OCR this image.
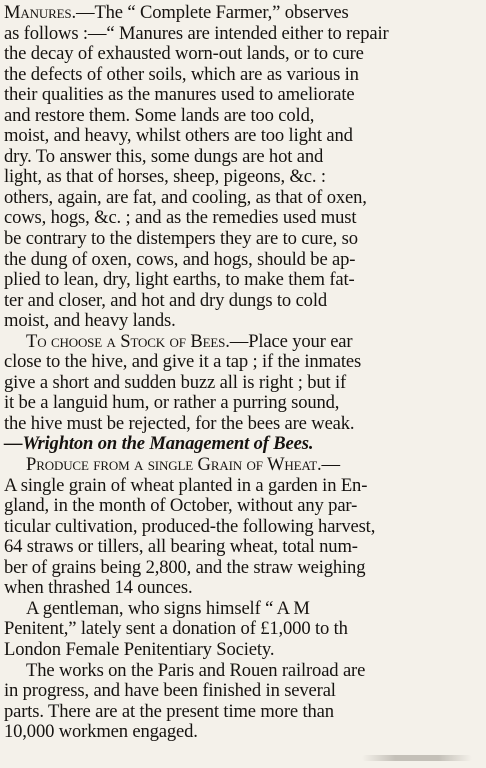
Manures.—The “ Complete Farmer,” observes
as follows :—“ Manures are intended either to repair
the decay of exhausted worn-out lands, or to cure
the defects of other soils, which are as various in
their qualities as the manures used to ameliorate
and restore them. Some lands are too cold,
moist, and heavy, whilst others are too light and
dry. To answer this, some dungs are hot and
light, as that of horses, sheep, pigeons, &c. :
others, again, are fat, and cooling, as that of oxen,
cows, hogs, &c. ; and as the remedies used must
be contrary to the distempers they are to cure, so
the dung of oxen, cows, and hogs, should be ap-
plied to lean, dry, light earths, to make them fat-
ter and closer, and hot and dry dungs to cold
moist, and heavy lands.
To choose a Stock of Bees.—Place your ear
close to the hive, and give it a tap ; if the inmates
give a short and sudden buzz all is right ; but if
it be a languid hum, or rather a purring sound,
the hive must be rejected, for the bees are weak.
—Wrighton on the Management of Bees.
Produce from a single Grain of Wheat.—
A single grain of wheat planted in a garden in En-
gland, in the month of October, without any par-
ticular cultivation, produced-the following harvest,
64 straws or tillers, all bearing wheat, total num-
ber of grains being 2,800, and the straw weighing
when thrashed 14 ounces.
A gentleman, who signs himself “ A M
Penitent,” lately sent a donation of £1,000 to th
London Female Penitentiary Society.
The works on the Paris and Rouen railroad are
in progress, and have been finished in several
parts. There are at the present time more than
10,000 workmen engaged.
